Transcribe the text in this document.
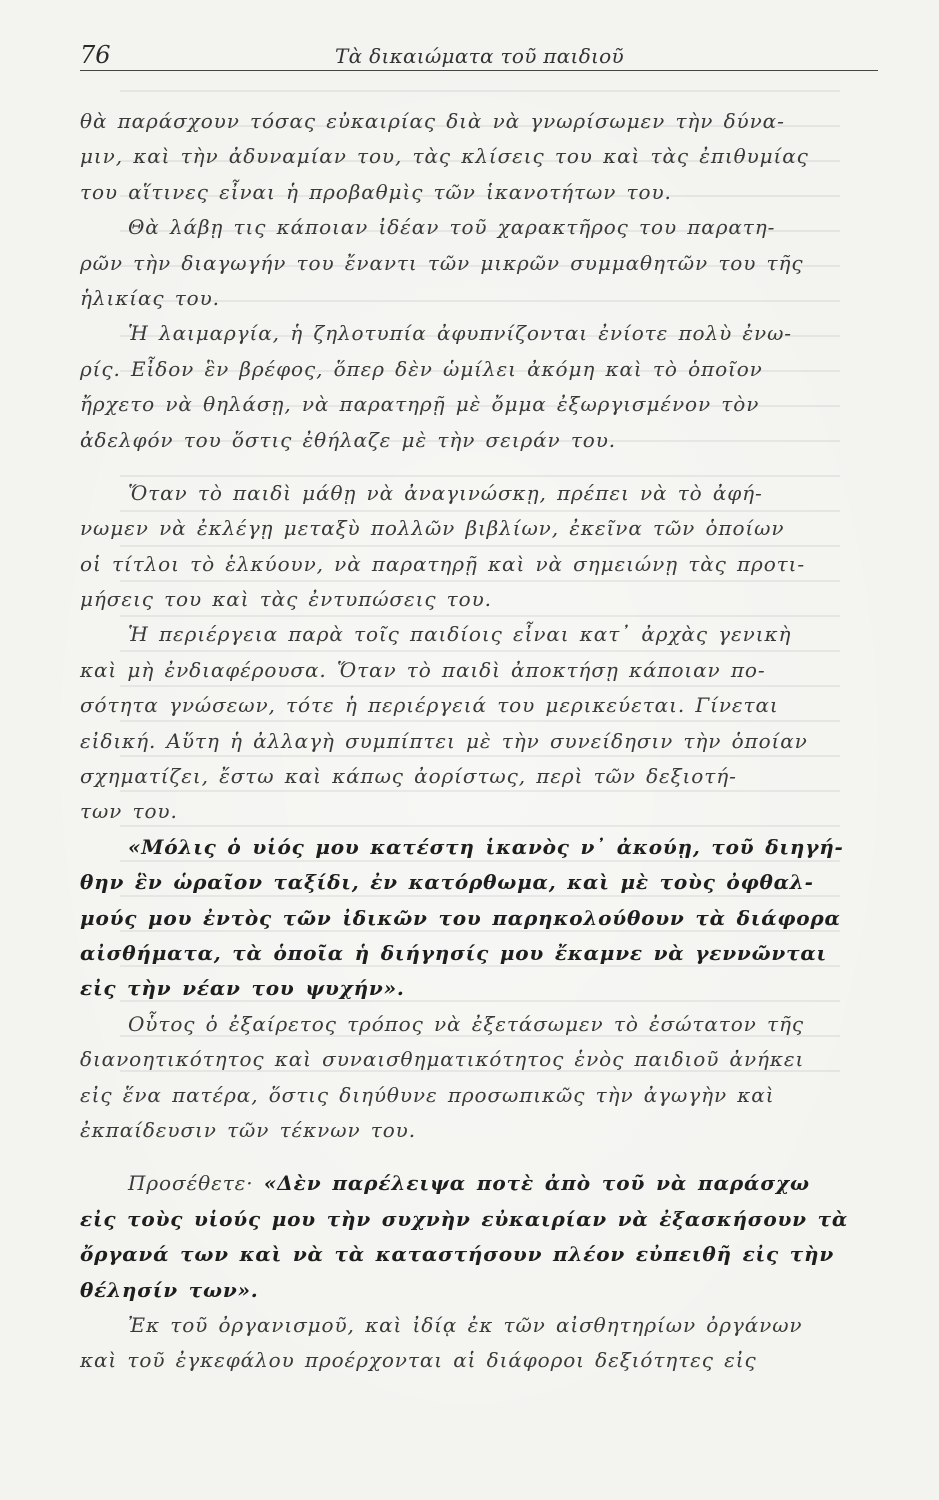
76	Τὰ δικαιώματα τοῦ παιδιοῦ
θὰ παράσχουν τόσας εὐκαιρίας διὰ νὰ γνωρίσωμεν τὴν δύνα-
μιν, καὶ τὴν ἀδυναμίαν του, τὰς κλίσεις του καὶ τὰς ἐπιθυμίας
του αἵτινες εἶναι ἡ προβαθμὶς τῶν ἱκανοτήτων του.
Θὰ λάβῃ τις κάποιαν ἰδέαν τοῦ χαρακτῆρος του παρατη-
ρῶν τὴν διαγωγήν του ἔναντι τῶν μικρῶν συμμαθητῶν του τῆς
ἡλικίας του.
Ἡ λαιμαργία, ἡ ζηλοτυπία ἀφυπνίζονται ἐνίοτε πολὺ ἐνω-
ρίς. Εἶδον ἓν βρέφος, ὅπερ δὲν ὡμίλει ἀκόμη καὶ τὸ ὁποῖον
ἤρχετο νὰ θηλάσῃ, νὰ παρατηρῇ μὲ ὄμμα ἐξωργισμένον τὸν
ἀδελφόν του ὅστις ἐθήλαζε μὲ τὴν σειράν του.
Ὅταν τὸ παιδὶ μάθῃ νὰ ἀναγινώσκῃ, πρέπει νὰ τὸ ἀφή-
νωμεν νὰ ἐκλέγῃ μεταξὺ πολλῶν βιβλίων, ἐκεῖνα τῶν ὁποίων
οἱ τίτλοι τὸ ἑλκύουν, νὰ παρατηρῇ καὶ νὰ σημειώνῃ τὰς προτι-
μήσεις του καὶ τὰς ἐντυπώσεις του.
Ἡ περιέργεια παρὰ τοῖς παιδίοις εἶναι κατ᾽ ἀρχὰς γενικὴ
καὶ μὴ ἐνδιαφέρουσα. Ὅταν τὸ παιδὶ ἀποκτήσῃ κάποιαν πο-
σότητα γνώσεων, τότε ἡ περιέργειά του μερικεύεται. Γίνεται
εἰδική. Αὕτη ἡ ἀλλαγὴ συμπίπτει μὲ τὴν συνείδησιν τὴν ὁποίαν
σχηματίζει, ἔστω καὶ κάπως ἀορίστως, περὶ τῶν δεξιοτή-
των του.
«Μόλις ὁ υἱός μου κατέστη ἱκανὸς ν᾽ ἀκούῃ, τοῦ διηγή-
θην ἓν ὡραῖον ταξίδι, ἐν κατόρθωμα, καὶ μὲ τοὺς ὀφθαλ-
μούς μου ἐντὸς τῶν ἰδικῶν του παρηκολούθουν τὰ διάφορα
αἰσθήματα, τὰ ὁποῖα ἡ διήγησίς μου ἔκαμνε νὰ γεννῶνται
εἰς τὴν νέαν του ψυχήν».
Οὗτος ὁ ἐξαίρετος τρόπος νὰ ἐξετάσωμεν τὸ ἐσώτατον τῆς
διανοητικότητος καὶ συναισθηματικότητος ἑνὸς παιδιοῦ ἀνήκει
εἰς ἕνα πατέρα, ὅστις διηύθυνε προσωπικῶς τὴν ἀγωγὴν καὶ
ἐκπαίδευσιν τῶν τέκνων του.
Προσέθετε· «Δὲν παρέλειψα ποτὲ ἀπὸ τοῦ νὰ παράσχω
εἰς τοὺς υἱούς μου τὴν συχνὴν εὐκαιρίαν νὰ ἐξασκήσουν τὰ
ὄργανά των καὶ νὰ τὰ καταστήσουν πλέον εὐπειθῆ εἰς τὴν
θέλησίν των».
Ἐκ τοῦ ὀργανισμοῦ, καὶ ἰδίᾳ ἐκ τῶν αἰσθητηρίων ὀργάνων
καὶ τοῦ ἐγκεφάλου προέρχονται αἱ διάφοροι δεξιότητες εἰς
